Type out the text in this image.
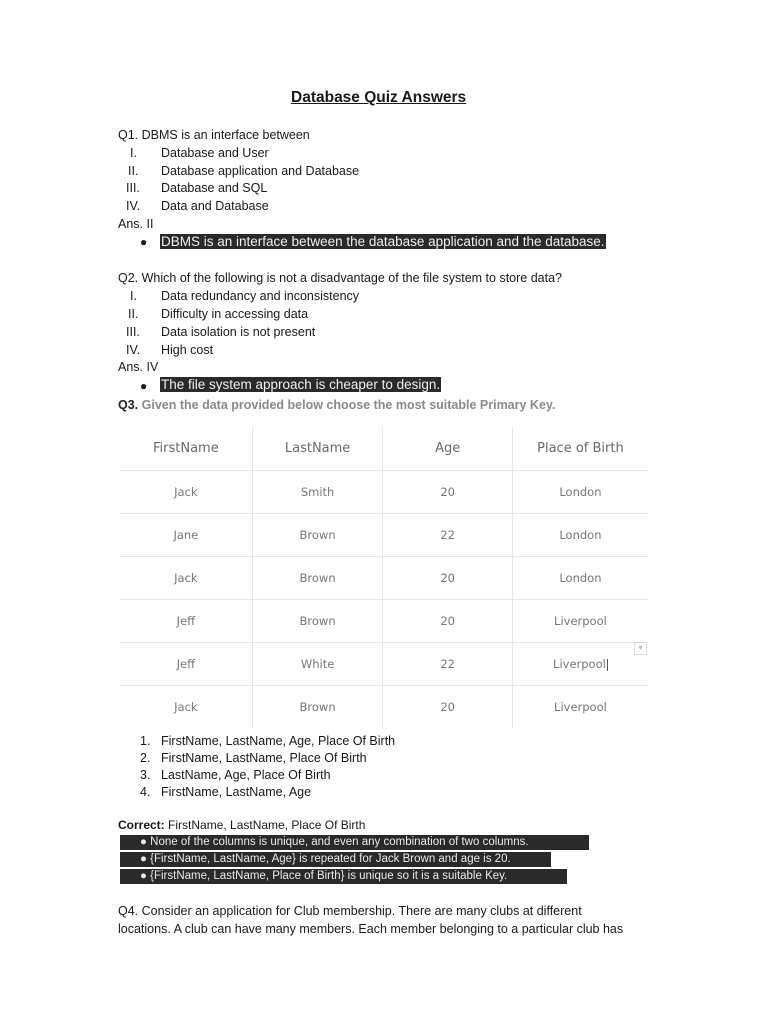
Database Quiz Answers
Q1. DBMS is an interface between
I. Database and User
II. Database application and Database
III. Database and SQL
IV. Data and Database
Ans. II
● DBMS is an interface between the database application and the database.
Q2. Which of the following is not a disadvantage of the file system to store data?
I. Data redundancy and inconsistency
II. Difficulty in accessing data
III. Data isolation is not present
IV. High cost
Ans. IV
● The file system approach is cheaper to design.
Q3. Given the data provided below choose the most suitable Primary Key.
FirstName	LastName	Age	Place of Birth
Jack	Smith	20	London
Jane	Brown	22	London
Jack	Brown	20	London
Jeff	Brown	20	Liverpool
Jeff	White	22	Liverpool
Jack	Brown	20	Liverpool
▼
1. FirstName, LastName, Age, Place Of Birth
2. FirstName, LastName, Place Of Birth
3. LastName, Age, Place Of Birth
4. FirstName, LastName, Age
Correct: FirstName, LastName, Place Of Birth
● None of the columns is unique, and even any combination of two columns.
● {FirstName, LastName, Age} is repeated for Jack Brown and age is 20.
● {FirstName, LastName, Place of Birth} is unique so it is a suitable Key.
Q4. Consider an application for Club membership. There are many clubs at different
locations. A club can have many members. Each member belonging to a particular club has
